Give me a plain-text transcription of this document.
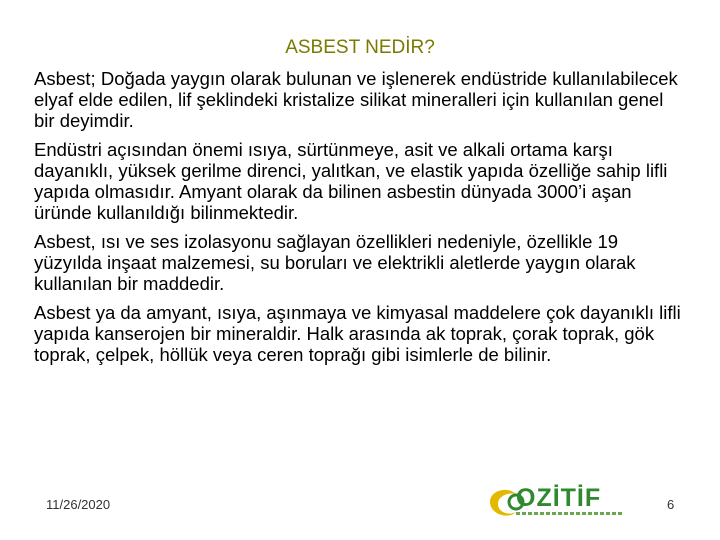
ASBEST NEDİR?

Asbest; Doğada yaygın olarak bulunan ve işlenerek endüstride kullanılabilecek elyaf elde edilen, lif şeklindeki kristalize silikat mineralleri için kullanılan genel bir deyimdir.

Endüstri açısından önemi ısıya, sürtünmeye, asit ve alkali ortama karşı dayanıklı, yüksek gerilme direnci, yalıtkan, ve elastik yapıda özelliğe sahip lifli yapıda olmasıdır. Amyant olarak da bilinen asbestin dünyada 3000’i aşan üründe kullanıldığı bilinmektedir.

Asbest, ısı ve ses izolasyonu sağlayan özellikleri nedeniyle, özellikle 19 yüzyılda inşaat malzemesi, su boruları ve elektrikli aletlerde yaygın olarak kullanılan bir maddedir.

Asbest ya da amyant, ısıya, aşınmaya ve kimyasal maddelere çok dayanıklı lifli yapıda kanserojen bir mineraldir. Halk arasında ak toprak, çorak toprak, gök toprak, çelpek, höllük veya ceren toprağı gibi isimlerle de bilinir.

11/26/2020	OZİTİF	6
